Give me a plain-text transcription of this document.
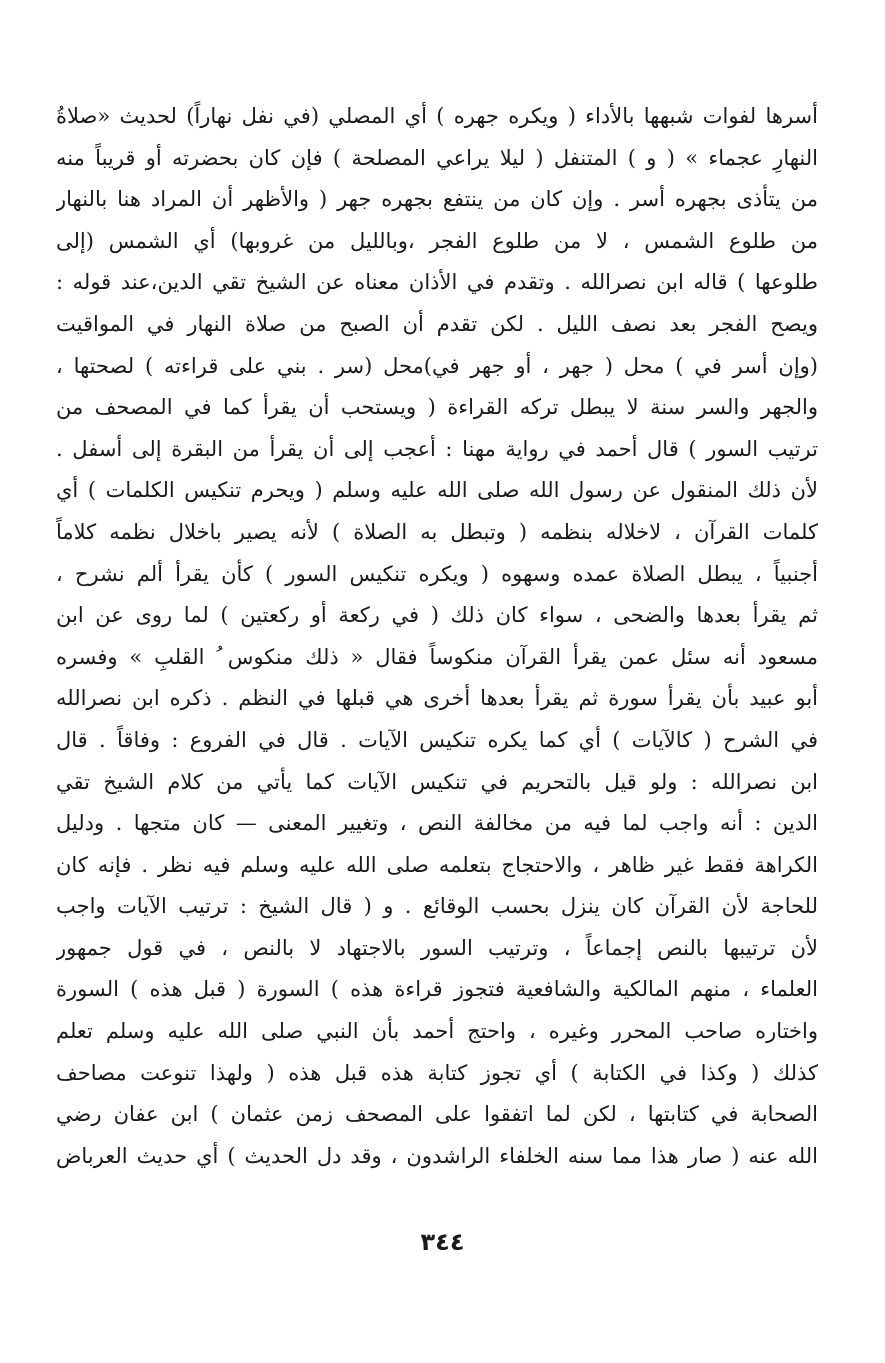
أسرها لفوات شبهها بالأداء ( ويكره جهره ) أي المصلي (في نفل نهاراً) لحديث «صلاةُ
النهارِ عجماء » ( و ) المتنفل ( ليلا يراعي المصلحة ) فإن كان بحضرته أو قريباً منه
من يتأذى بجهره أسر . وإن كان من ينتفع بجهره جهر ( والأظهر أن المراد هنا بالنهار
من طلوع الشمس ، لا من طلوع الفجر ،وبالليل من غروبها) أي الشمس (إلى
طلوعها ) قاله ابن نصرالله . وتقدم في الأذان معناه عن الشيخ تقي الدين،عند قوله :
ويصح الفجر بعد نصف الليل . لكن تقدم أن الصبح من صلاة النهار في المواقيت
(وإن أسر في ) محل ( جهر ، أو جهر في)محل (سر . بني على قراءته ) لصحتها ،
والجهر والسر سنة لا يبطل تركه القراءة ( ويستحب أن يقرأ كما في المصحف من
ترتيب السور ) قال أحمد في رواية مهنا : أعجب إلى أن يقرأ من البقرة إلى أسفل .
لأن ذلك المنقول عن رسول الله صلى الله عليه وسلم ( ويحرم تنكيس الكلمات ) أي
كلمات القرآن ، لاخلاله بنظمه ( وتبطل به الصلاة ) لأنه يصير باخلال نظمه كلاماً
أجنبياً ، يبطل الصلاة عمده وسهوه ( ويكره تنكيس السور ) كأن يقرأ ألم نشرح ،
ثم يقرأ بعدها والضحى ، سواء كان ذلك ( في ركعة أو ركعتين ) لما روى عن ابن
مسعود أنه سئل عمن يقرأ القرآن منكوساً فقال « ذلك منكوس ُ القلبِ » وفسره
أبو عبيد بأن يقرأ سورة ثم يقرأ بعدها أخرى هي قبلها في النظم . ذكره ابن نصرالله
في الشرح ( كالآيات ) أي كما يكره تنكيس الآيات . قال في الفروع : وفاقاً . قال
ابن نصرالله : ولو قيل بالتحريم في تنكيس الآيات كما يأتي من كلام الشيخ تقي
الدين : أنه واجب لما فيه من مخالفة النص ، وتغيير المعنى — كان متجها . ودليل
الكراهة فقط غير ظاهر ، والاحتجاج بتعلمه صلى الله عليه وسلم فيه نظر . فإنه كان
للحاجة لأن القرآن كان ينزل بحسب الوقائع . و ( قال الشيخ : ترتيب الآيات واجب
لأن ترتيبها بالنص إجماعاً ، وترتيب السور بالاجتهاد لا بالنص ، في قول جمهور
العلماء ، منهم المالكية والشافعية فتجوز قراءة هذه ) السورة ( قبل هذه ) السورة
واختاره صاحب المحرر وغيره ، واحتج أحمد بأن النبي صلى الله عليه وسلم تعلم
كذلك ( وكذا في الكتابة ) أي تجوز كتابة هذه قبل هذه ( ولهذا تنوعت مصاحف
الصحابة في كتابتها ، لكن لما اتفقوا على المصحف زمن عثمان ) ابن عفان رضي
الله عنه ( صار هذا مما سنه الخلفاء الراشدون ، وقد دل الحديث ) أي حديث العرباض
٣٤٤
